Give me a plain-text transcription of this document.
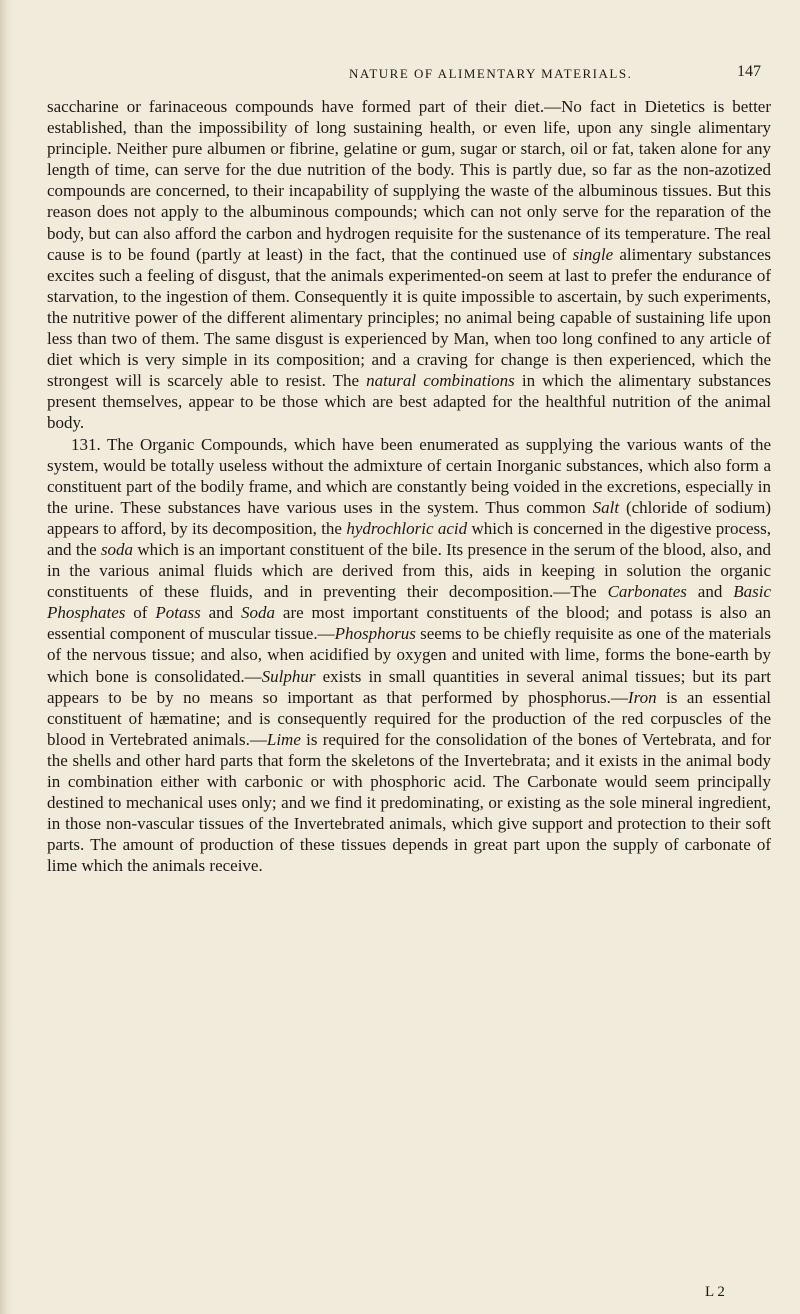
NATURE OF ALIMENTARY MATERIALS.	147

saccharine or farinaceous compounds have formed part of their diet.—No fact in Dietetics is better established, than the impossibility of long sustaining health, or even life, upon any single alimentary principle. Neither pure albumen or fibrine, gelatine or gum, sugar or starch, oil or fat, taken alone for any length of time, can serve for the due nutrition of the body. This is partly due, so far as the non-azotized compounds are concerned, to their incapability of supplying the waste of the albuminous tissues. But this reason does not apply to the albuminous compounds; which can not only serve for the reparation of the body, but can also afford the carbon and hydrogen requisite for the sustenance of its temperature. The real cause is to be found (partly at least) in the fact, that the continued use of single alimentary substances excites such a feeling of disgust, that the animals experimented-on seem at last to prefer the endurance of starvation, to the ingestion of them. Consequently it is quite impossible to ascertain, by such experiments, the nutritive power of the different alimentary principles; no animal being capable of sustaining life upon less than two of them. The same disgust is experienced by Man, when too long confined to any article of diet which is very simple in its composition; and a craving for change is then experienced, which the strongest will is scarcely able to resist. The natural combinations in which the alimentary substances present themselves, appear to be those which are best adapted for the healthful nutrition of the animal body.

131. The Organic Compounds, which have been enumerated as supplying the various wants of the system, would be totally useless without the admixture of certain Inorganic substances, which also form a constituent part of the bodily frame, and which are constantly being voided in the excretions, especially in the urine. These substances have various uses in the system. Thus common Salt (chloride of sodium) appears to afford, by its decomposition, the hydrochloric acid which is concerned in the digestive process, and the soda which is an important constituent of the bile. Its presence in the serum of the blood, also, and in the various animal fluids which are derived from this, aids in keeping in solution the organic constituents of these fluids, and in preventing their decomposition.—The Carbonates and Basic Phosphates of Potass and Soda are most important constituents of the blood; and potass is also an essential component of muscular tissue.—Phosphorus seems to be chiefly requisite as one of the materials of the nervous tissue; and also, when acidified by oxygen and united with lime, forms the bone-earth by which bone is consolidated.—Sulphur exists in small quantities in several animal tissues; but its part appears to be by no means so important as that performed by phosphorus.—Iron is an essential constituent of hæmatine; and is consequently required for the production of the red corpuscles of the blood in Vertebrated animals.—Lime is required for the consolidation of the bones of Vertebrata, and for the shells and other hard parts that form the skeletons of the Invertebrata; and it exists in the animal body in combination either with carbonic or with phosphoric acid. The Carbonate would seem principally destined to mechanical uses only; and we find it predominating, or existing as the sole mineral ingredient, in those non-vascular tissues of the Invertebrated animals, which give support and protection to their soft parts. The amount of production of these tissues depends in great part upon the supply of carbonate of lime which the animals receive.

L 2
